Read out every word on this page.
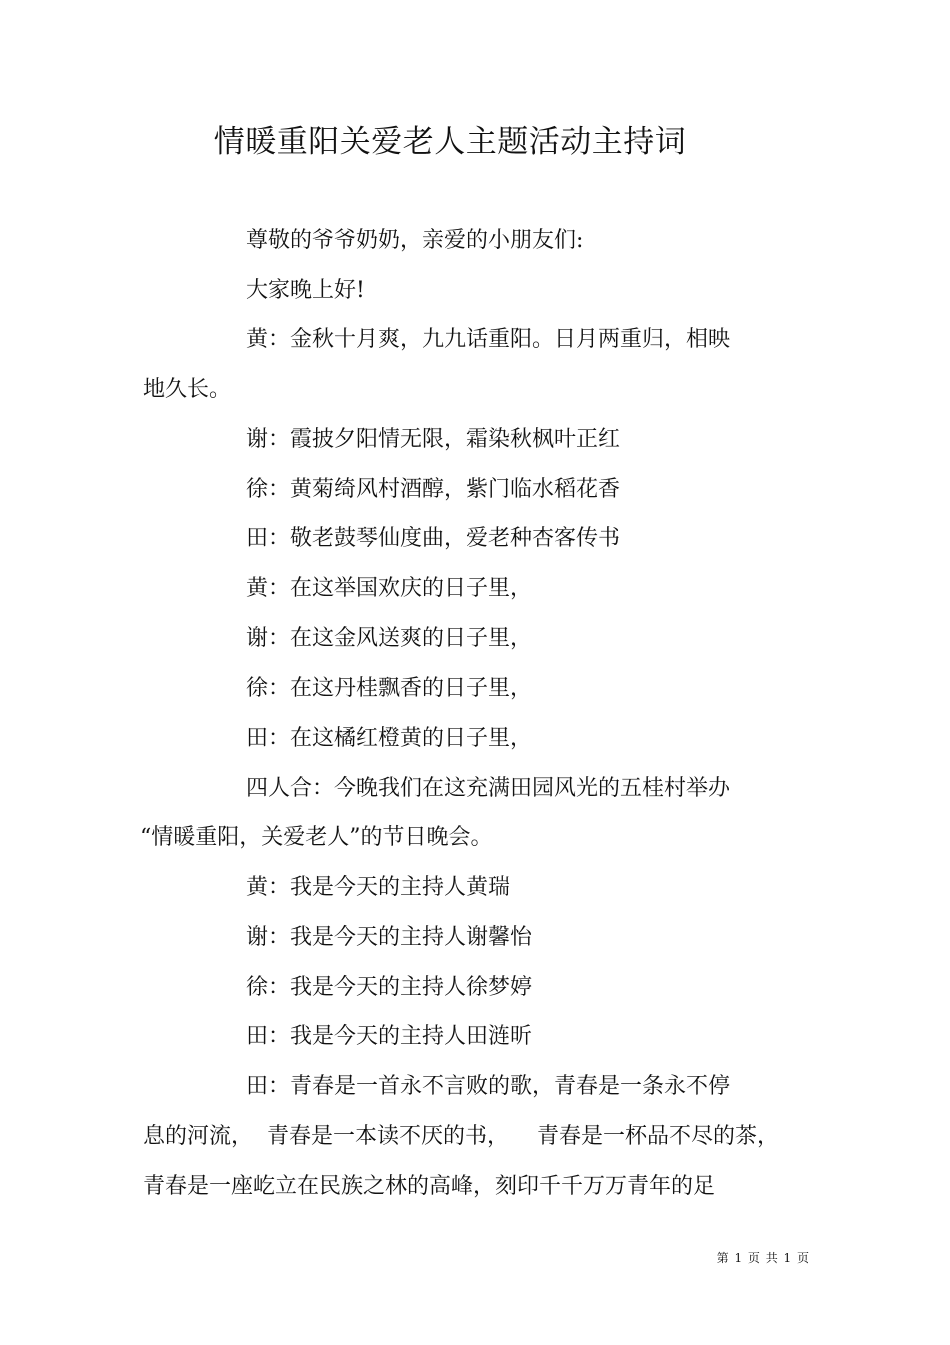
情暖重阳关爱老人主题活动主持词
尊敬的爷爷奶奶，亲爱的小朋友们:
大家晚上好!
黄：金秋十月爽，九九话重阳。日月两重归，相映
地久长。
谢：霞披夕阳情无限，霜染秋枫叶正红
徐：黄菊绮风村酒醇，紫门临水稻花香
田：敬老鼓琴仙度曲，爱老种杏客传书
黄：在这举国欢庆的日子里，
谢：在这金风送爽的日子里，
徐：在这丹桂飘香的日子里，
田：在这橘红橙黄的日子里，
四人合：今晚我们在这充满田园风光的五桂村举办
“情暖重阳，关爱老人”的节日晚会。
黄：我是今天的主持人黄瑞
谢：我是今天的主持人谢馨怡
徐：我是今天的主持人徐梦婷
田：我是今天的主持人田涟昕
田：青春是一首永不言败的歌，青春是一条永不停
息的河流，  青春是一本读不厌的书，    青春是一杯品不尽的茶，
青春是一座屹立在民族之林的高峰，刻印千千万万青年的足
第 1 页 共 1 页
